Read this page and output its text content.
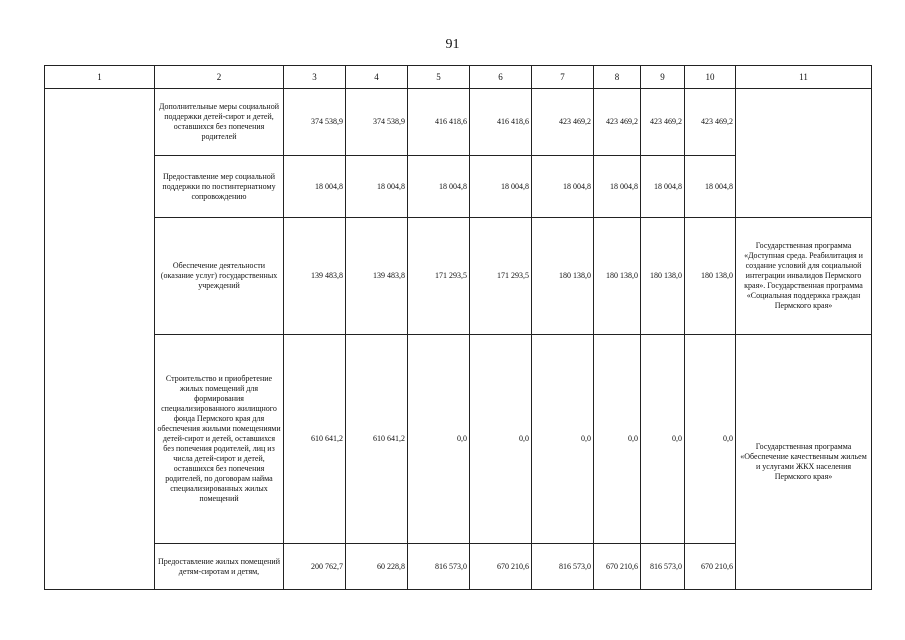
91
1	2	3	4	5	6	7	8	9	10	11
	Дополнительные меры социальной поддержки детей-сирот и детей, оставшихся без попечения родителей	374 538,9	374 538,9	416 418,6	416 418,6	423 469,2	423 469,2	423 469,2	423 469,2	
	Предоставление мер социальной поддержки по постинтернатному сопровождению	18 004,8	18 004,8	18 004,8	18 004,8	18 004,8	18 004,8	18 004,8	18 004,8	
	Обеспечение деятельности (оказание услуг) государственных учреждений	139 483,8	139 483,8	171 293,5	171 293,5	180 138,0	180 138,0	180 138,0	180 138,0	Государственная программа «Доступная среда. Реабилитация и создание условий для социальной интеграции инвалидов Пермского края». Государственная программа «Социальная поддержка граждан Пермского края»
	Строительство и приобретение жилых помещений для формирования специализированного жилищного фонда Пермского края для обеспечения жилыми помещениями детей-сирот и детей, оставшихся без попечения родителей, лиц из числа детей-сирот и детей, оставшихся без попечения родителей, по договорам найма специализированных жилых помещений	610 641,2	610 641,2	0,0	0,0	0,0	0,0	0,0	0,0	Государственная программа «Обеспечение качественным жильем и услугами ЖКХ населения Пермского края»
	Предоставление жилых помещений детям-сиротам и детям,	200 762,7	60 228,8	816 573,0	670 210,6	816 573,0	670 210,6	816 573,0	670 210,6	
